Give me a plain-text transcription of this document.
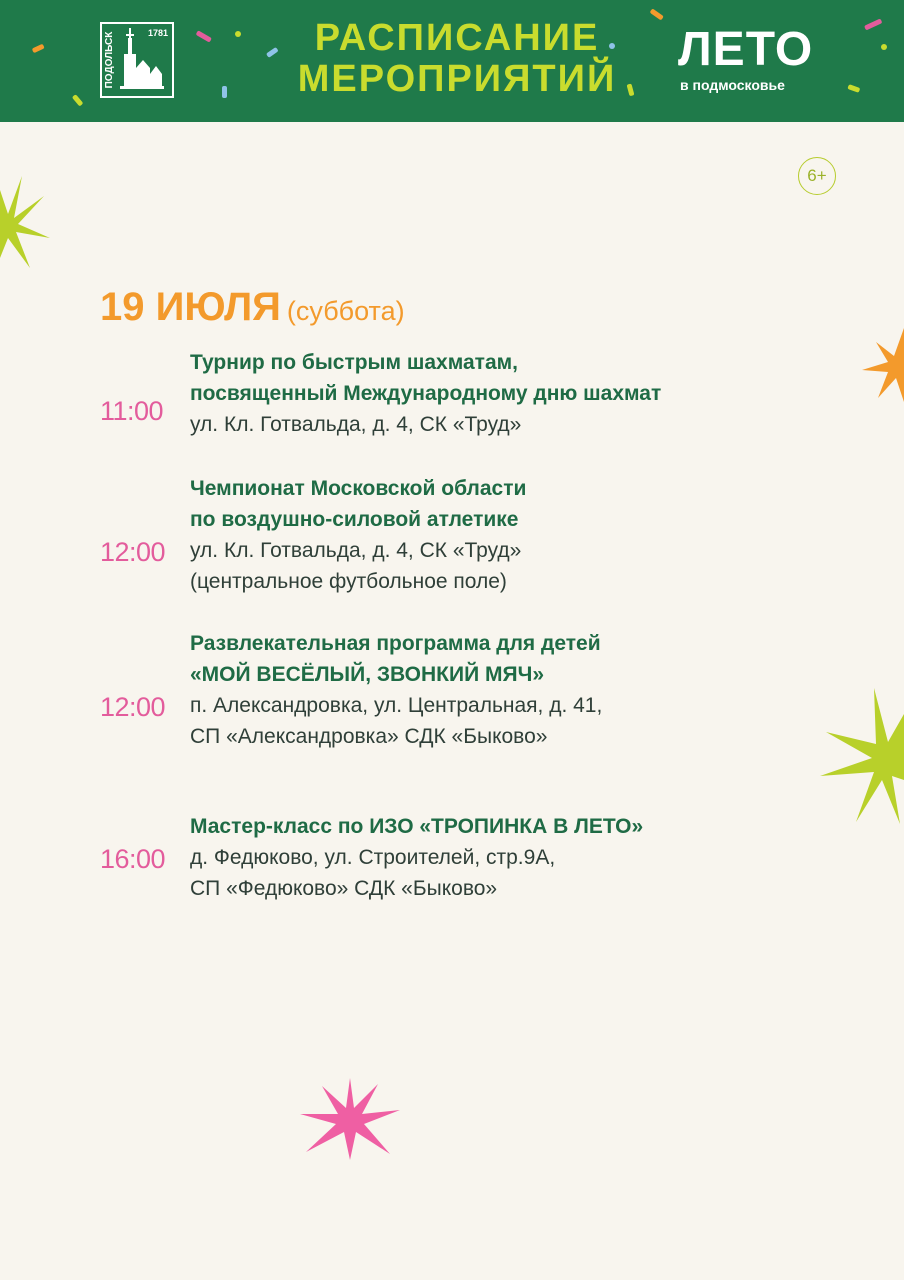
ПОДОЛЬСК	1781	РАСПИСАНИЕ
МЕРОПРИЯТИЙ
ЛЕТО
в подмосковье
6+
19 ИЮЛЯ (суббота)
11:00
Турнир по быстрым шахматам,
посвященный Международному дню шахмат
ул. Кл. Готвальда, д. 4, СК «Труд»
12:00
Чемпионат Московской области
по воздушно-силовой атлетике
ул. Кл. Готвальда, д. 4, СК «Труд»
(центральное футбольное поле)
12:00
Развлекательная программа для детей
«МОЙ ВЕСЁЛЫЙ, ЗВОНКИЙ МЯЧ»
п. Александровка, ул. Центральная, д. 41,
СП «Александровка» СДК «Быково»
16:00
Мастер-класс по ИЗО «ТРОПИНКА В ЛЕТО»
д. Федюково, ул. Строителей, стр.9А,
СП «Федюково» СДК «Быково»
